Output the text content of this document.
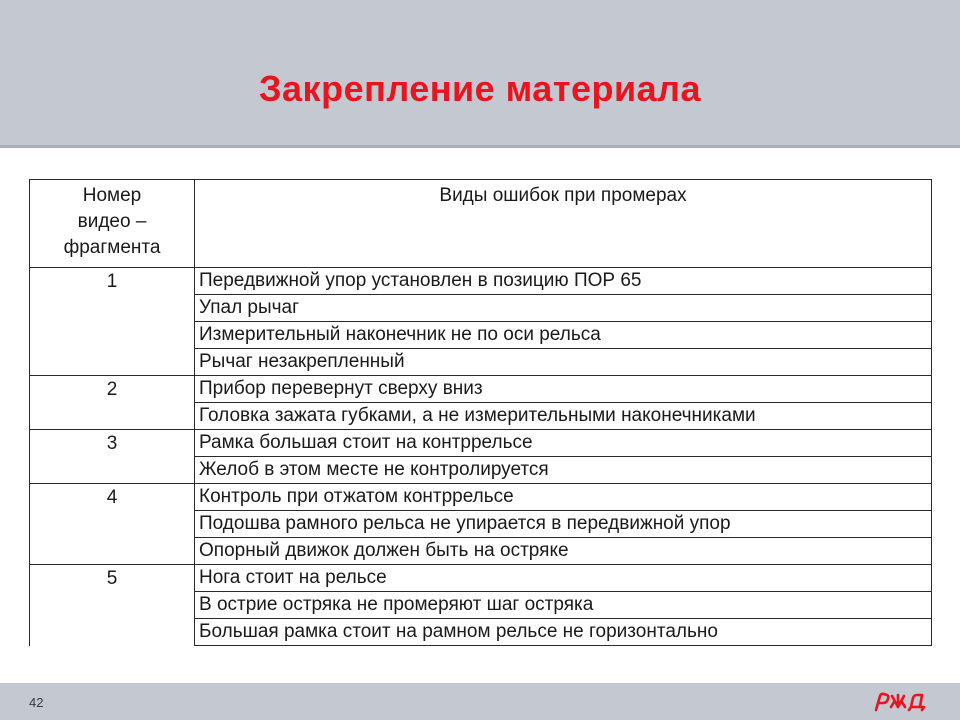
Закрепление материала
Номер
видео –
фрагмента	Виды ошибок при промерах
1	Передвижной упор установлен в позицию ПОР 65
	Упал рычаг
	Измерительный наконечник не по оси рельса
	Рычаг незакрепленный
2	Прибор перевернут сверху вниз
	Головка зажата губками, а не измерительными наконечниками
3	Рамка большая стоит на контррельсе
	Желоб в этом месте не контролируется
4	Контроль при отжатом контррельсе
	Подошва рамного рельса не упирается в передвижной упор
	Опорный движок должен быть на остряке
5	Нога стоит на рельсе
	В острие остряка не промеряют шаг остряка
	Большая рамка стоит на рамном рельсе не горизонтально
42
